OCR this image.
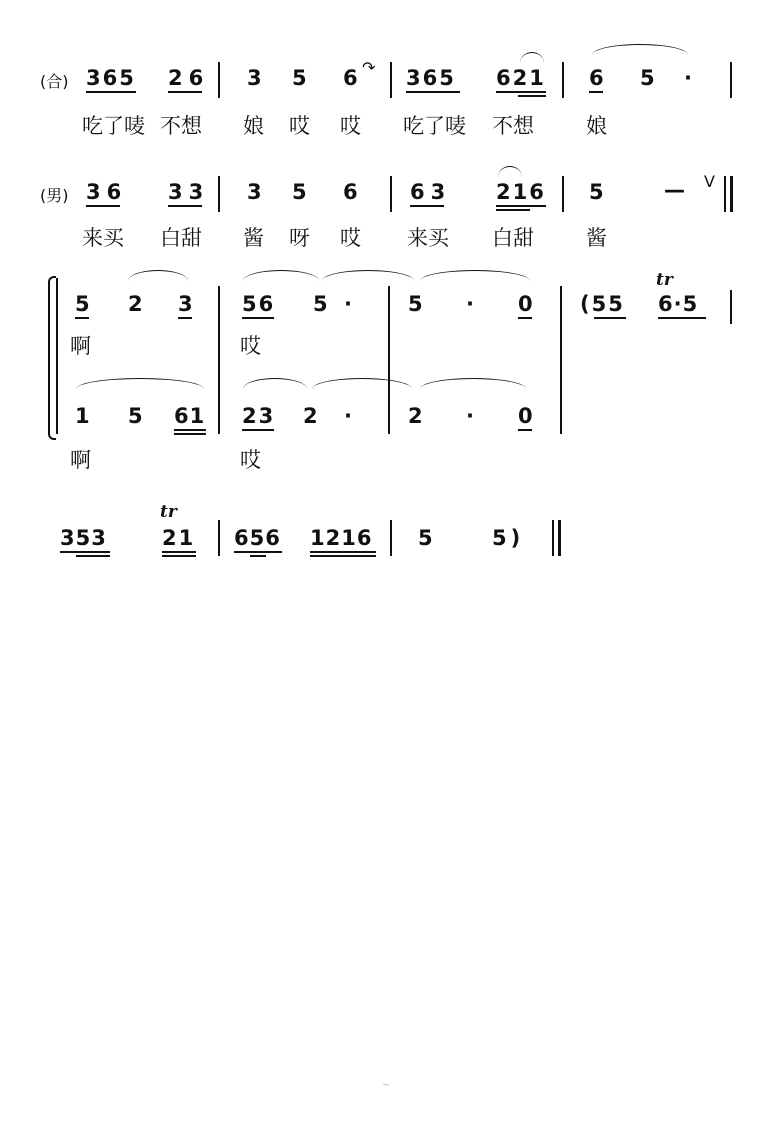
(合) 365 26 3 5 6 ↷ 365 621 6 5 ·
吃了唛 不想 娘 哎 哎 吃了唛 不想 娘
(男) 36 33 3 5 6 63 216 5	— V
来买 白甜 酱 呀 哎 来买 白甜 酱
5 2 3 56 5 ·	5 · 0 (55
tr
6·5
啊	哎
1 5 61 23 2 ·	2 · 0
啊	哎
353
tr
21 656 1216 5	5)
~
